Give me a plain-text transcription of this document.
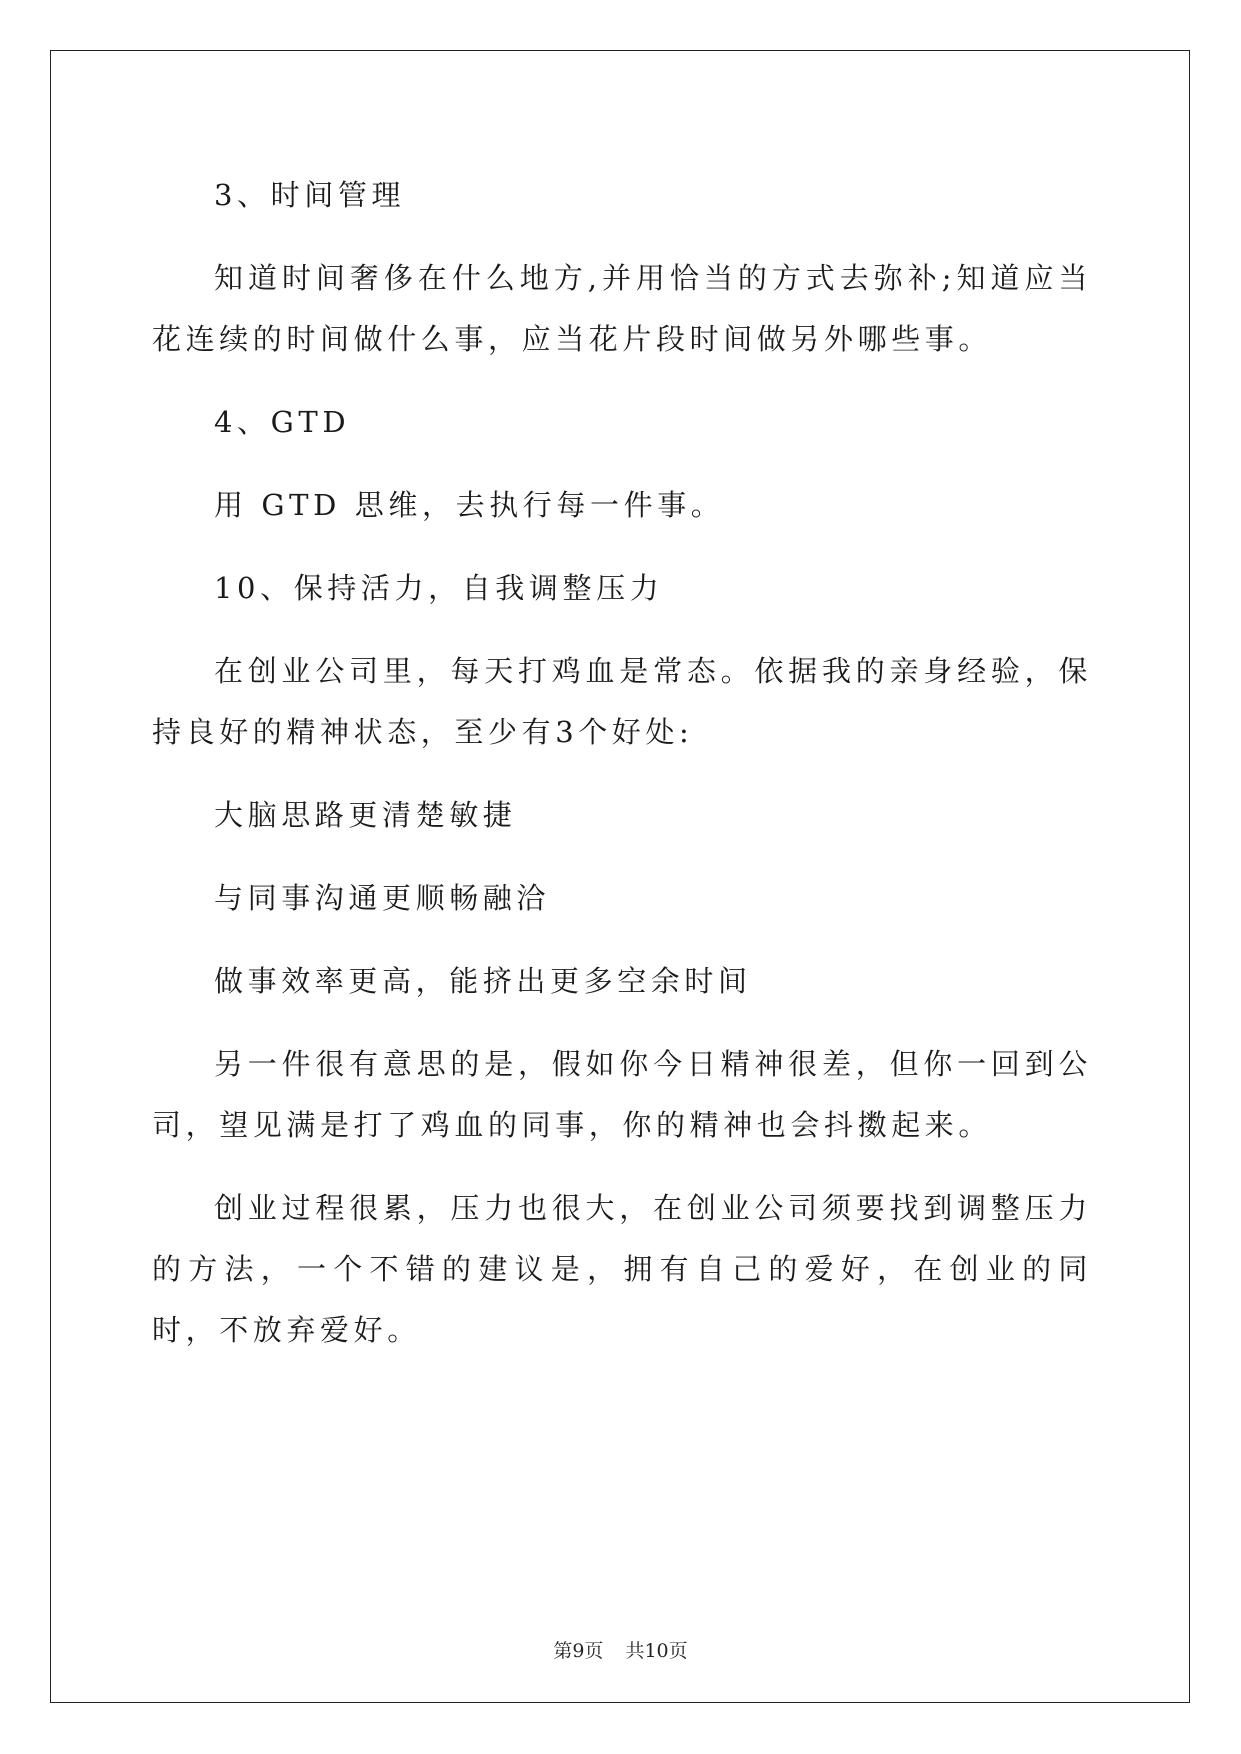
3、时间管理

知道时间奢侈在什么地方,并用恰当的方式去弥补;知道应当花连续的时间做什么事，应当花片段时间做另外哪些事。

4、GTD

用 GTD 思维，去执行每一件事。

10、保持活力，自我调整压力

在创业公司里，每天打鸡血是常态。依据我的亲身经验，保持良好的精神状态，至少有3个好处:

大脑思路更清楚敏捷

与同事沟通更顺畅融洽

做事效率更高，能挤出更多空余时间

另一件很有意思的是，假如你今日精神很差，但你一回到公司，望见满是打了鸡血的同事，你的精神也会抖擞起来。

创业过程很累，压力也很大，在创业公司须要找到调整压力的方法，一个不错的建议是，拥有自己的爱好，在创业的同时，不放弃爱好。

第9页 共10页
